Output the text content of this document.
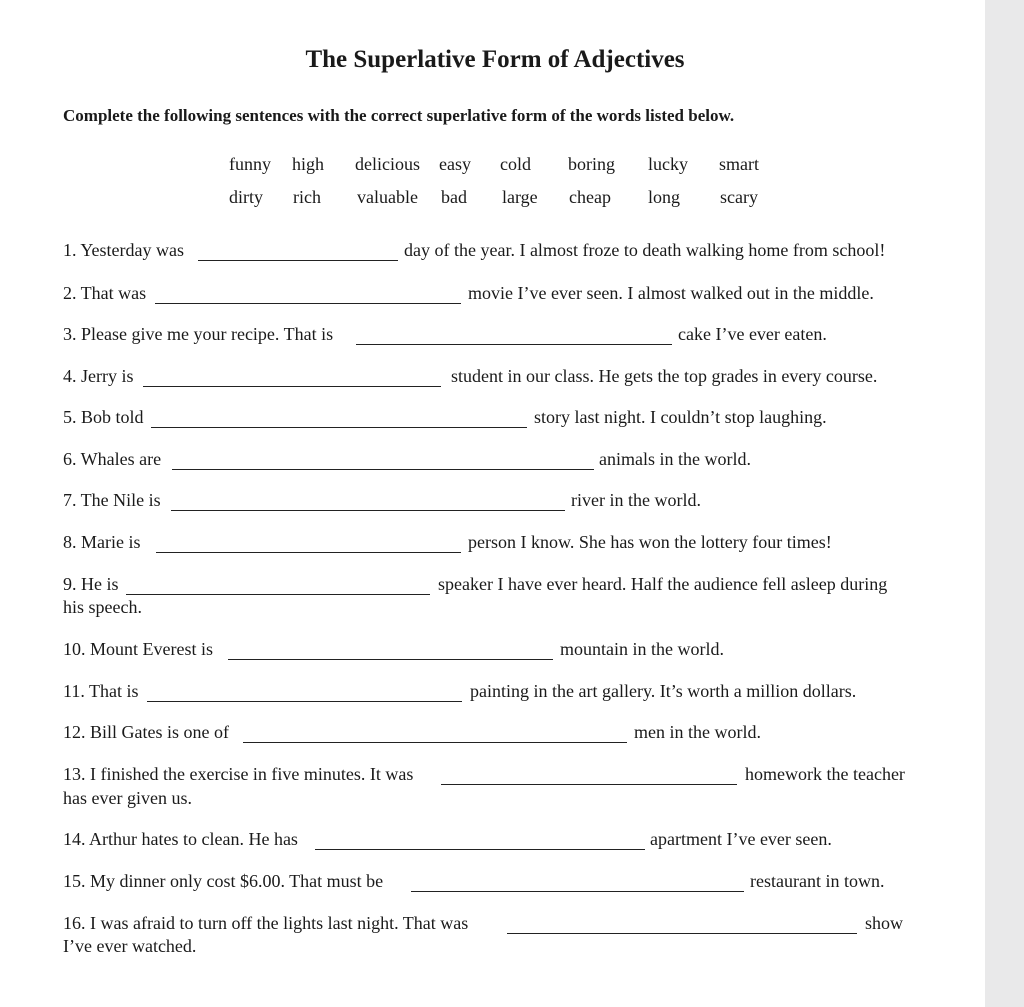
The Superlative Form of Adjectives
Complete the following sentences with the correct superlative form of the words listed below.
funny high delicious easy cold boring lucky smart
dirty rich valuable bad large cheap long scary
1. Yesterday was	day of the year. I almost froze to death walking home from school!
2. That was	movie I’ve ever seen. I almost walked out in the middle.
3. Please give me your recipe. That is	cake I’ve ever eaten.
4. Jerry is	student in our class. He gets the top grades in every course.
5. Bob told	story last night. I couldn’t stop laughing.
6. Whales are	animals in the world.
7. The Nile is	river in the world.
8. Marie is	person I know. She has won the lottery four times!
9. He is	speaker I have ever heard. Half the audience fell asleep during
his speech.
10. Mount Everest is	mountain in the world.
11. That is	painting in the art gallery. It’s worth a million dollars.
12. Bill Gates is one of	men in the world.
13. I finished the exercise in five minutes. It was	homework the teacher
has ever given us.
14. Arthur hates to clean. He has	apartment I’ve ever seen.
15. My dinner only cost $6.00. That must be	restaurant in town.
16. I was afraid to turn off the lights last night. That was	show
I’ve ever watched.
